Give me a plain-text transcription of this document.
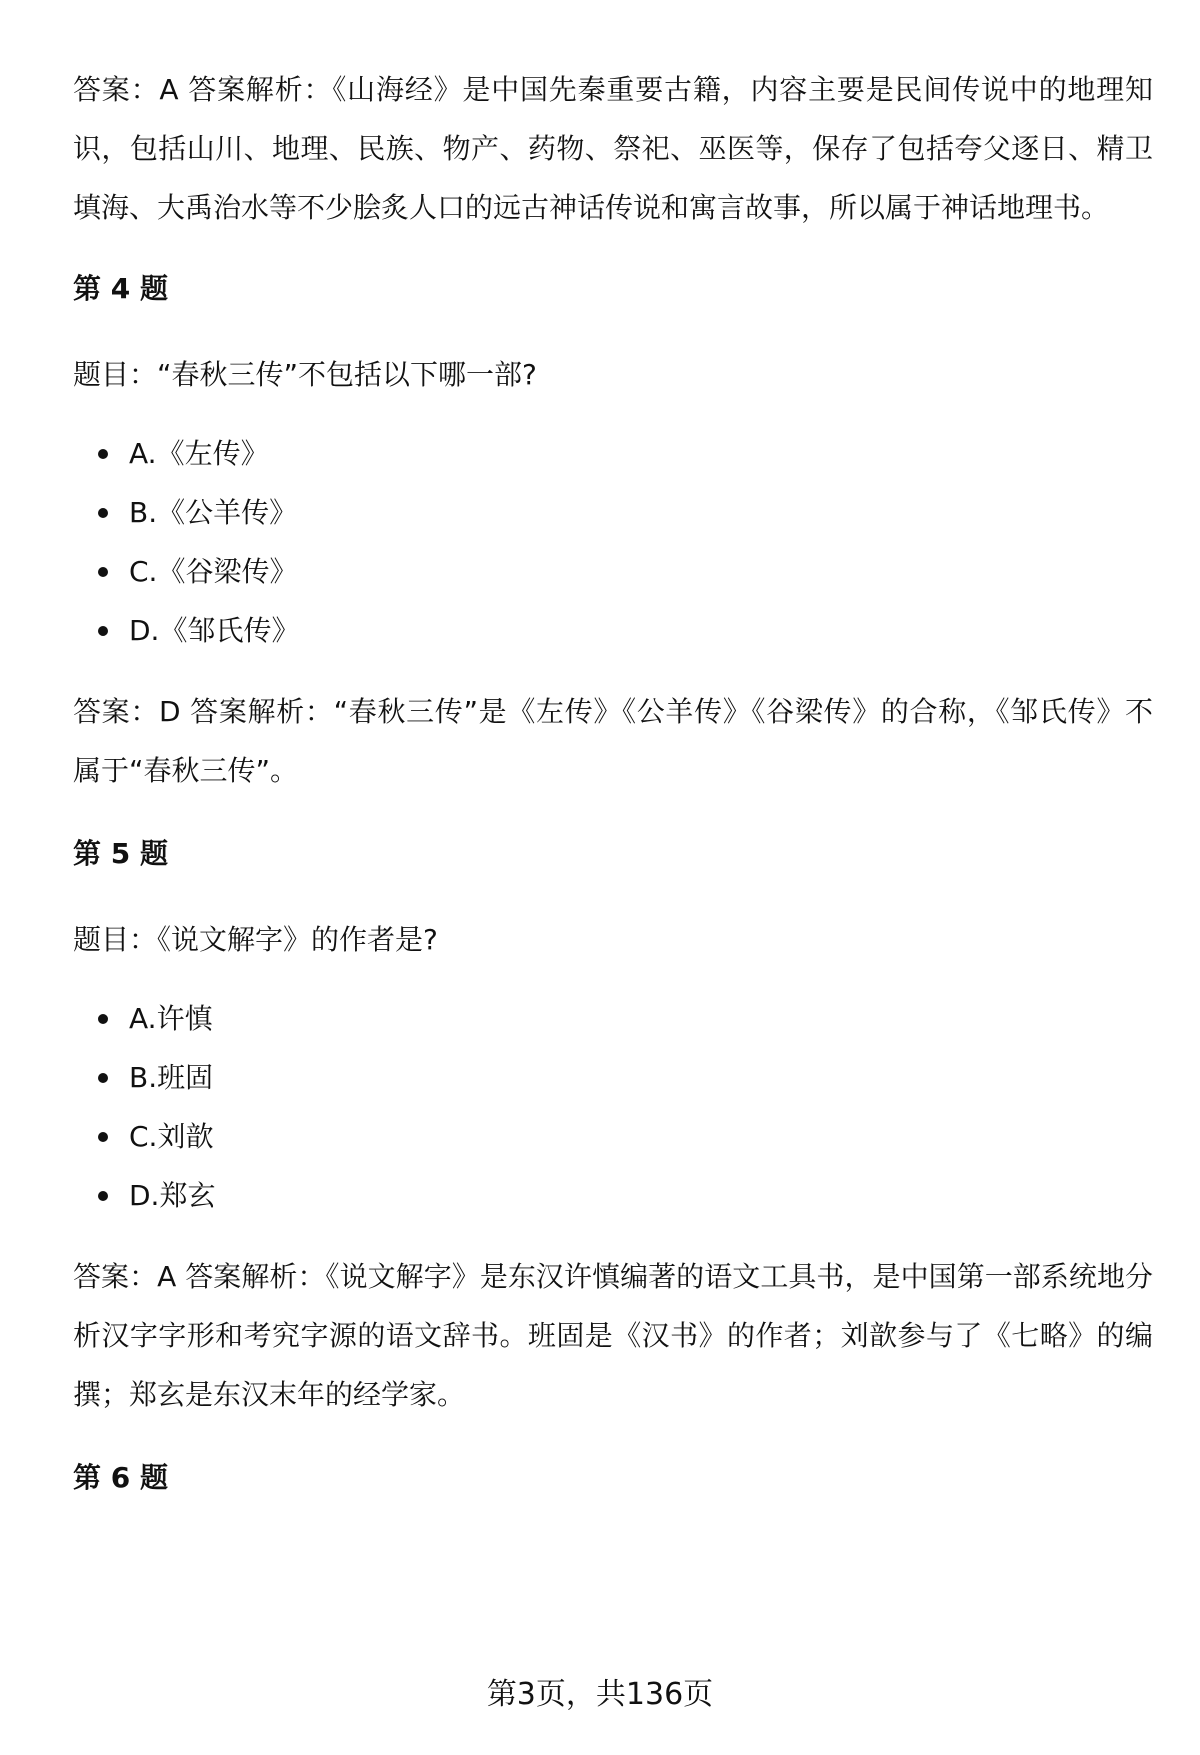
答案：A 答案解析：《山海经》是中国先秦重要古籍，内容主要是民间传说中的地理知识，包括山川、地理、民族、物产、药物、祭祀、巫医等，保存了包括夸父逐日、精卫填海、大禹治水等不少脍炙人口的远古神话传说和寓言故事，所以属于神话地理书。

第 4 题

题目：“春秋三传”不包括以下哪一部?

A.《左传》
B.《公羊传》
C.《谷梁传》
D.《邹氏传》

答案：D 答案解析：“春秋三传”是《左传》《公羊传》《谷梁传》的合称，《邹氏传》不属于“春秋三传”。

第 5 题

题目：《说文解字》的作者是?

A.许慎
B.班固
C.刘歆
D.郑玄

答案：A 答案解析：《说文解字》是东汉许慎编著的语文工具书，是中国第一部系统地分析汉字字形和考究字源的语文辞书。班固是《汉书》的作者；刘歆参与了《七略》的编撰；郑玄是东汉末年的经学家。

第 6 题
第3页，共136页
